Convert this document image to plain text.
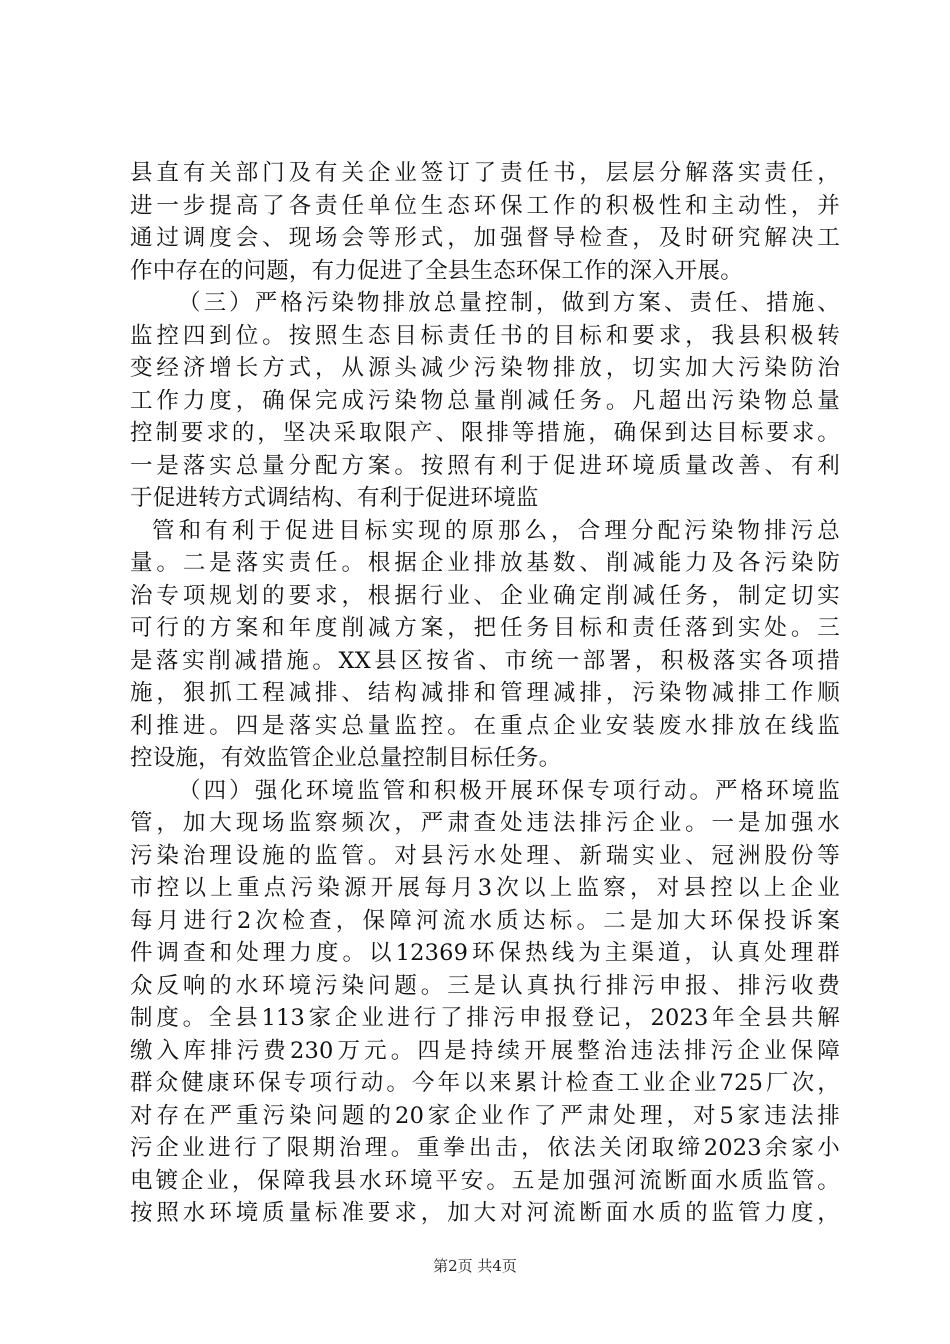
县直有关部门及有关企业签订了责任书，层层分解落实责任，
进一步提高了各责任单位生态环保工作的积极性和主动性，并
通过调度会、现场会等形式，加强督导检查，及时研究解决工
作中存在的问题，有力促进了全县生态环保工作的深入开展。
（三）严格污染物排放总量控制，做到方案、责任、措施、
监控四到位。按照生态目标责任书的目标和要求，我县积极转
变经济增长方式，从源头减少污染物排放，切实加大污染防治
工作力度，确保完成污染物总量削减任务。凡超出污染物总量
控制要求的，坚决采取限产、限排等措施，确保到达目标要求。
一是落实总量分配方案。按照有利于促进环境质量改善、有利
于促进转方式调结构、有利于促进环境监
管和有利于促进目标实现的原那么，合理分配污染物排污总
量。二是落实责任。根据企业排放基数、削减能力及各污染防
治专项规划的要求，根据行业、企业确定削减任务，制定切实
可行的方案和年度削减方案，把任务目标和责任落到实处。三
是落实削减措施。XX县区按省、市统一部署，积极落实各项措
施，狠抓工程减排、结构减排和管理减排，污染物减排工作顺
利推进。四是落实总量监控。在重点企业安装废水排放在线监
控设施，有效监管企业总量控制目标任务。
（四）强化环境监管和积极开展环保专项行动。严格环境监
管，加大现场监察频次，严肃查处违法排污企业。一是加强水
污染治理设施的监管。对县污水处理、新瑞实业、冠洲股份等
市控以上重点污染源开展每月3次以上监察，对县控以上企业
每月进行2次检查，保障河流水质达标。二是加大环保投诉案
件调查和处理力度。以12369环保热线为主渠道，认真处理群
众反响的水环境污染问题。三是认真执行排污申报、排污收费
制度。全县113家企业进行了排污申报登记，2023年全县共解
缴入库排污费230万元。四是持续开展整治违法排污企业保障
群众健康环保专项行动。今年以来累计检查工业企业725厂次，
对存在严重污染问题的20家企业作了严肃处理，对5家违法排
污企业进行了限期治理。重拳出击，依法关闭取缔2023余家小
电镀企业，保障我县水环境平安。五是加强河流断面水质监管。
按照水环境质量标准要求，加大对河流断面水质的监管力度，
第2页 共4页
